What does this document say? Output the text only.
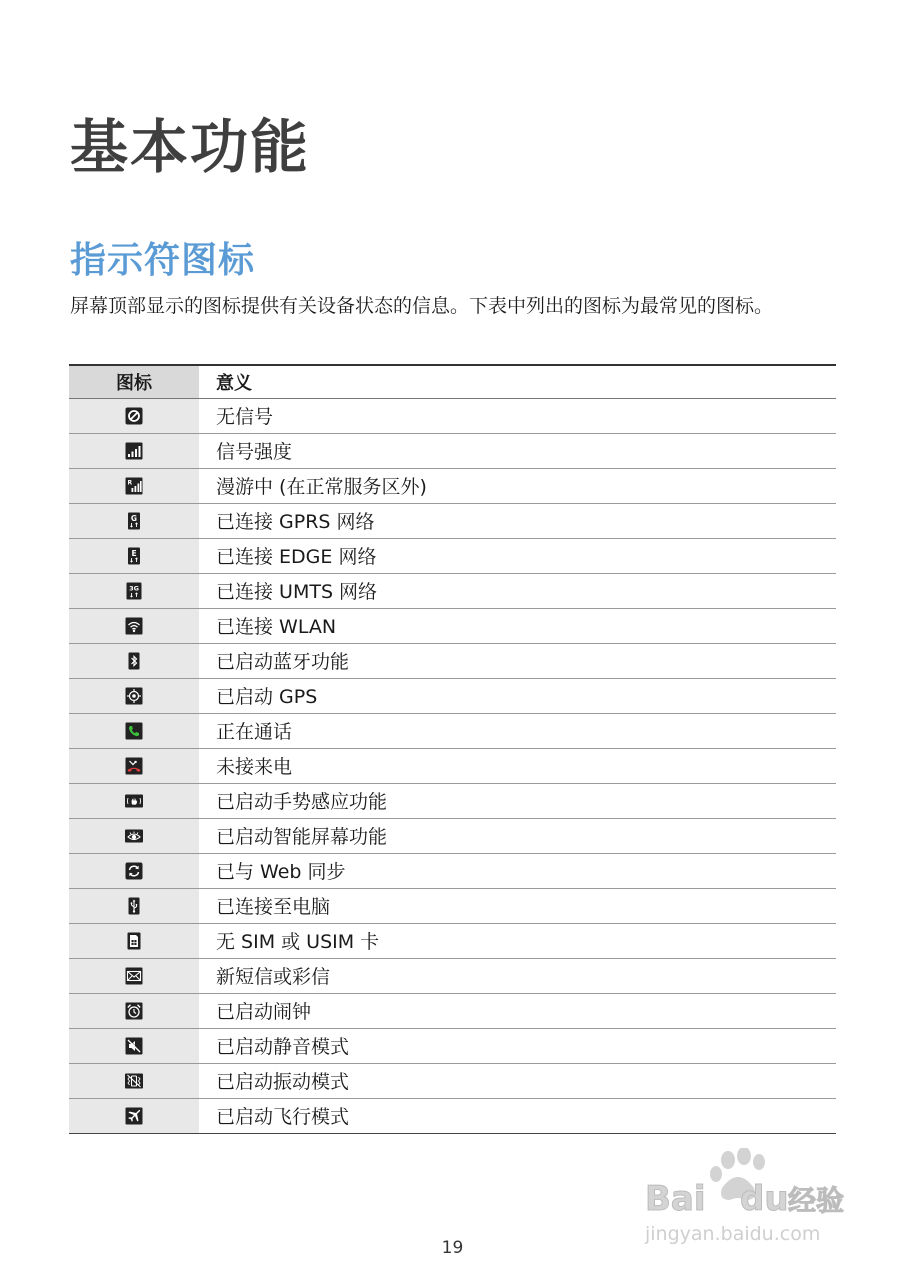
基本功能
指示符图标

屏幕顶部显示的图标提供有关设备状态的信息。下表中列出的图标为最常见的图标。

图标	意义

	无信号

	信号强度

R	漫游中 (在正常服务区外)

G	已连接 GPRS 网络

E	已连接 EDGE 网络

3G	已连接 UMTS 网络

	已连接 WLAN

	已启动蓝牙功能

	已启动 GPS

	正在通话

	未接来电

	已启动手势感应功能

	已启动智能屏幕功能

	已与 Web 同步

	已连接至电脑

	无 SIM 或 USIM 卡

	新短信或彩信

	已启动闹钟

	已启动静音模式

	已启动振动模式

	已启动飞行模式
19
Bai du 经验
jingyan.baidu.com
